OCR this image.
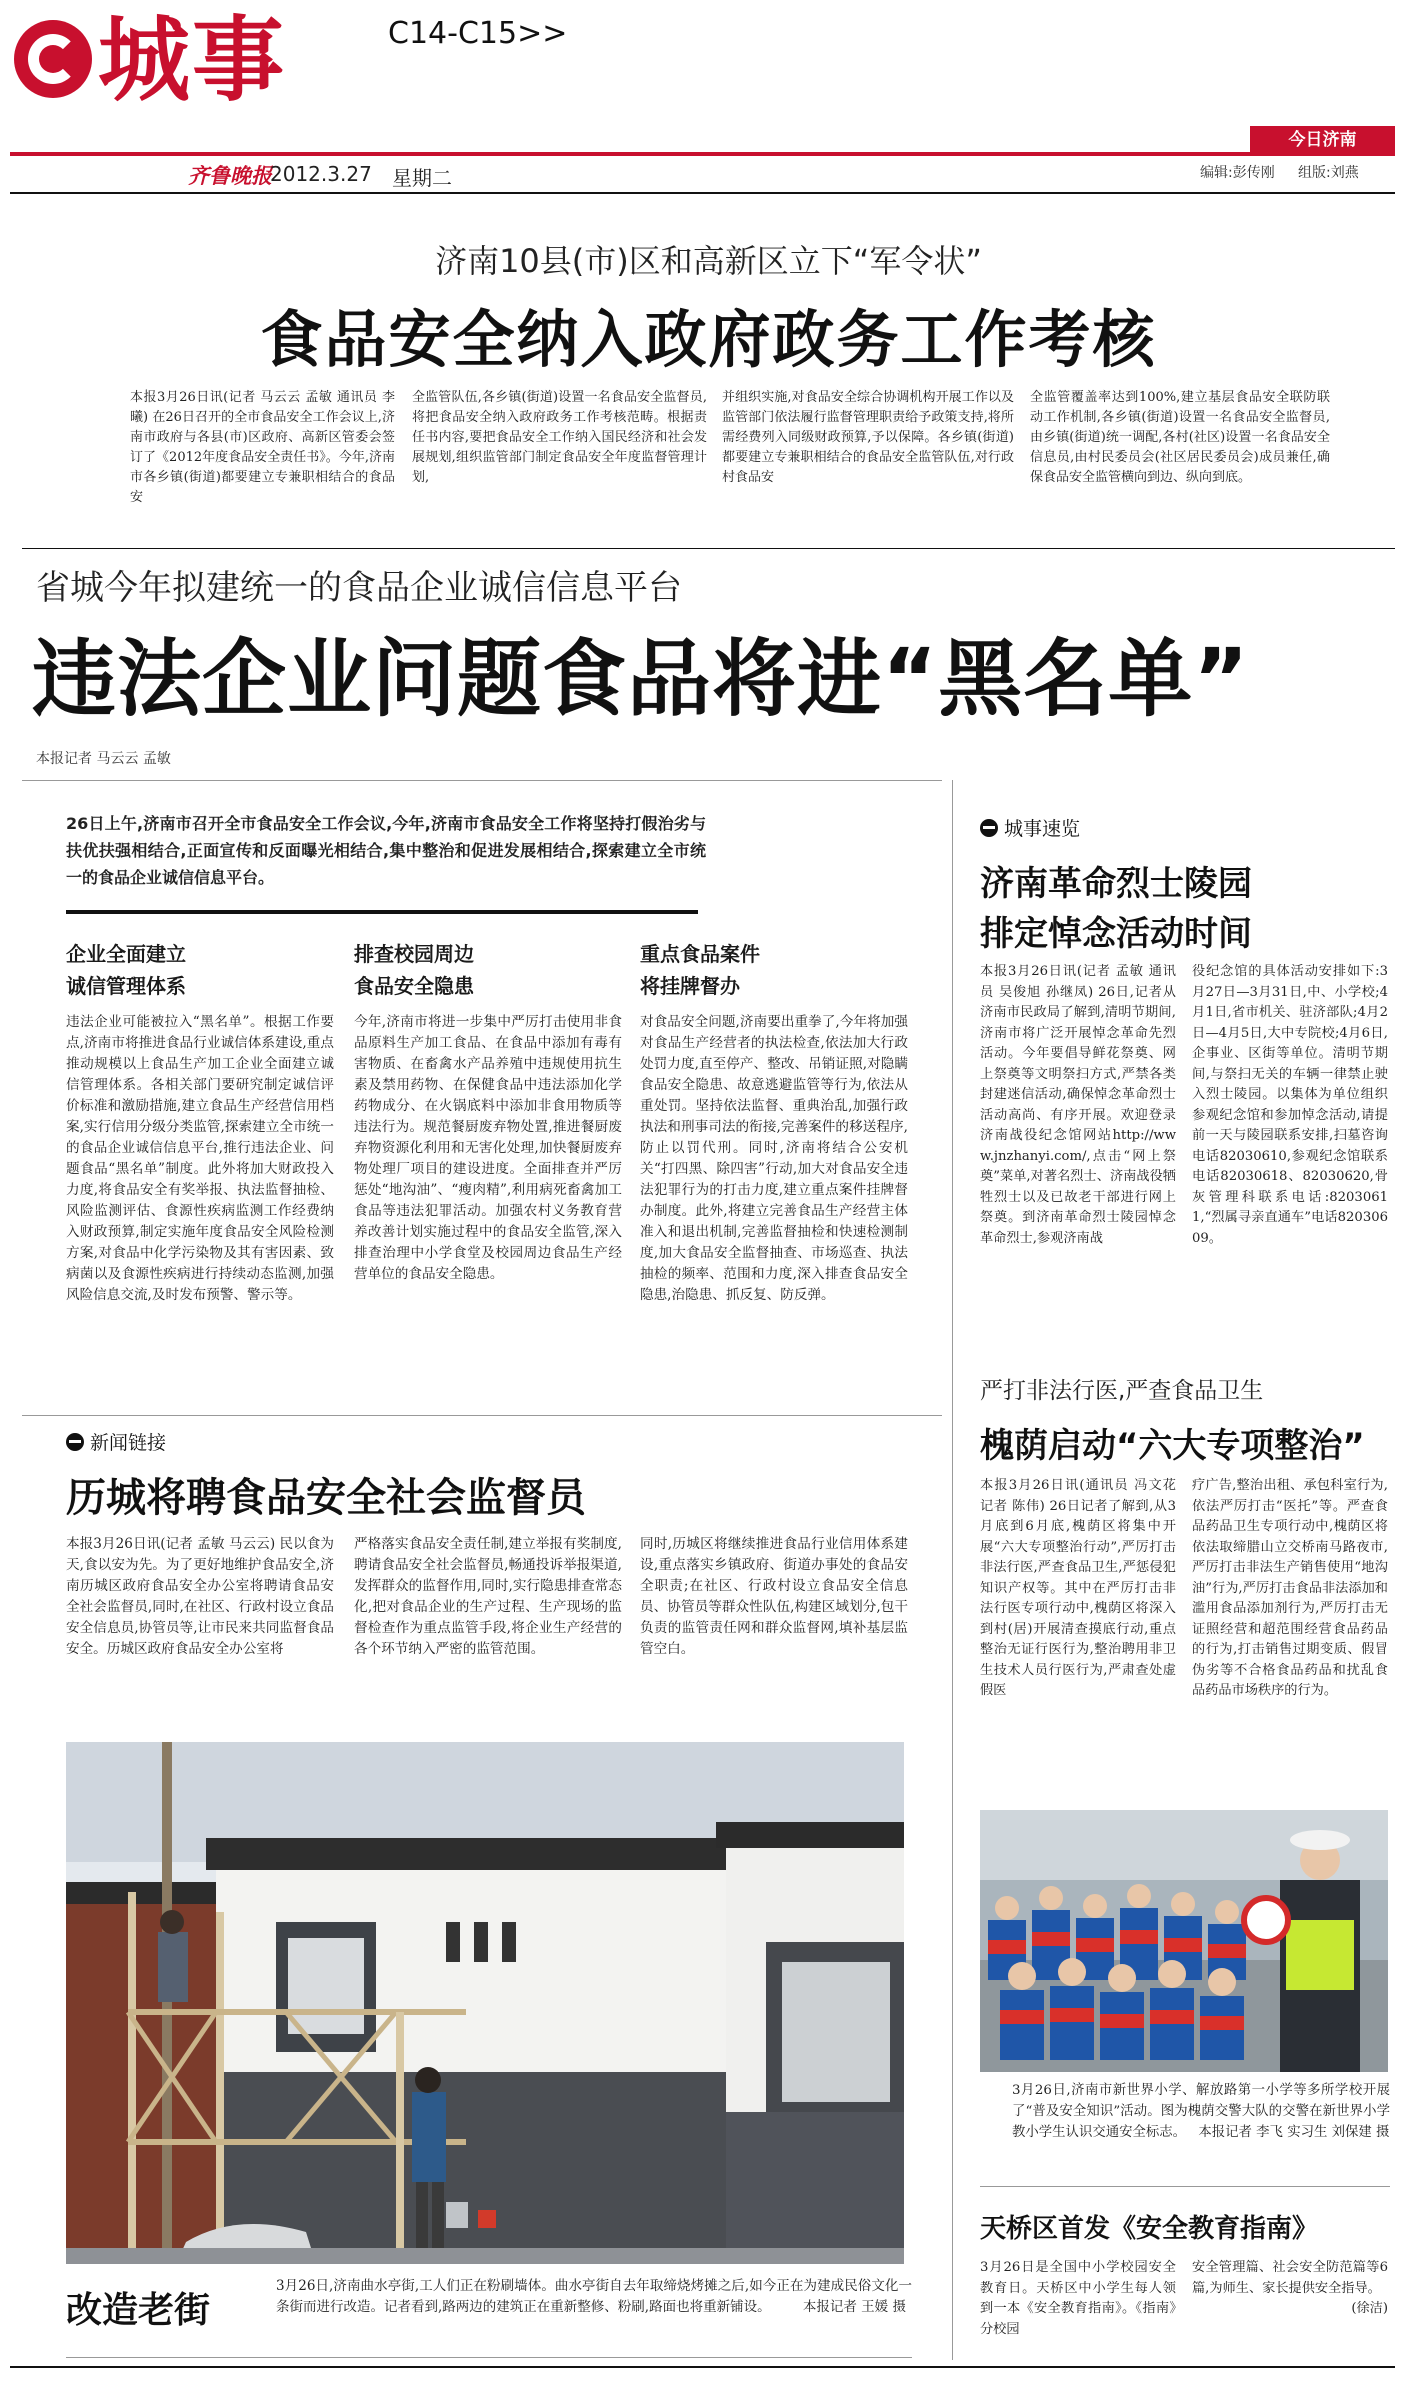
城事	C14-C15>>
齐鲁晚报
2012.3.27 星期二
今日济南
编辑:彭传刚 组版:刘燕
济南10县(市)区和高新区立下“军令状”
食品安全纳入政府政务工作考核
本报3月26日讯(记者 马云云 孟敏 通讯员 李曦) 在26日召开的全市食品安全工作会议上,济南市政府与各县(市)区政府、高新区管委会签订了《2012年度食品安全责任书》。今年,济南市各乡镇(街道)都要建立专兼职相结合的食品安
全监管队伍,各乡镇(街道)设置一名食品安全监督员,将把食品安全纳入政府政务工作考核范畴。根据责任书内容,要把食品安全工作纳入国民经济和社会发展规划,组织监管部门制定食品安全年度监督管理计划,
并组织实施,对食品安全综合协调机构开展工作以及监管部门依法履行监督管理职责给予政策支持,将所需经费列入同级财政预算,予以保障。各乡镇(街道)都要建立专兼职相结合的食品安全监管队伍,对行政村食品安
全监管覆盖率达到100%,建立基层食品安全联防联动工作机制,各乡镇(街道)设置一名食品安全监督员,由乡镇(街道)统一调配,各村(社区)设置一名食品安全信息员,由村民委员会(社区居民委员会)成员兼任,确保食品安全监管横向到边、纵向到底。
省城今年拟建统一的食品企业诚信信息平台
违法企业问题食品将进“黑名单”
本报记者 马云云 孟敏
26日上午,济南市召开全市食品安全工作会议,今年,济南市食品安全工作将坚持打假治劣与扶优扶强相结合,正面宣传和反面曝光相结合,集中整治和促进发展相结合,探索建立全市统一的食品企业诚信信息平台。
企业全面建立
诚信管理体系
违法企业可能被拉入“黑名单”。根据工作要点,济南市将推进食品行业诚信体系建设,重点推动规模以上食品生产加工企业全面建立诚信管理体系。各相关部门要研究制定诚信评价标准和激励措施,建立食品生产经营信用档案,实行信用分级分类监管,探索建立全市统一的食品企业诚信信息平台,推行违法企业、问题食品“黑名单”制度。此外将加大财政投入力度,将食品安全有奖举报、执法监督抽检、风险监测评估、食源性疾病监测工作经费纳入财政预算,制定实施年度食品安全风险检测方案,对食品中化学污染物及其有害因素、致病菌以及食源性疾病进行持续动态监测,加强风险信息交流,及时发布预警、警示等。
排查校园周边
食品安全隐患
今年,济南市将进一步集中严厉打击使用非食品原料生产加工食品、在食品中添加有毒有害物质、在畜禽水产品养殖中违规使用抗生素及禁用药物、在保健食品中违法添加化学药物成分、在火锅底料中添加非食用物质等违法行为。规范餐厨废弃物处置,推进餐厨废弃物资源化利用和无害化处理,加快餐厨废弃物处理厂项目的建设进度。全面排查并严厉惩处“地沟油”、“瘦肉精”,利用病死畜禽加工食品等违法犯罪活动。加强农村义务教育营养改善计划实施过程中的食品安全监管,深入排查治理中小学食堂及校园周边食品生产经营单位的食品安全隐患。
重点食品案件
将挂牌督办
对食品安全问题,济南要出重拳了,今年将加强对食品生产经营者的执法检查,依法加大行政处罚力度,直至停产、整改、吊销证照,对隐瞒食品安全隐患、故意逃避监管等行为,依法从重处罚。坚持依法监督、重典治乱,加强行政执法和刑事司法的衔接,完善案件的移送程序,防止以罚代刑。同时,济南将结合公安机关“打四黑、除四害”行动,加大对食品安全违法犯罪行为的打击力度,建立重点案件挂牌督办制度。此外,将建立完善食品生产经营主体准入和退出机制,完善监督抽检和快速检测制度,加大食品安全监督抽查、市场巡查、执法抽检的频率、范围和力度,深入排查食品安全隐患,治隐患、抓反复、防反弹。
新闻链接
历城将聘食品安全社会监督员
本报3月26日讯(记者 孟敏 马云云) 民以食为天,食以安为先。为了更好地维护食品安全,济南历城区政府食品安全办公室将聘请食品安全社会监督员,同时,在社区、行政村设立食品安全信息员,协管员等,让市民来共同监督食品安全。历城区政府食品安全办公室将
严格落实食品安全责任制,建立举报有奖制度,聘请食品安全社会监督员,畅通投诉举报渠道,发挥群众的监督作用,同时,实行隐患排查常态化,把对食品企业的生产过程、生产现场的监督检查作为重点监管手段,将企业生产经营的各个环节纳入严密的监管范围。
同时,历城区将继续推进食品行业信用体系建设,重点落实乡镇政府、街道办事处的食品安全职责;在社区、行政村设立食品安全信息员、协管员等群众性队伍,构建区域划分,包干负责的监管责任网和群众监督网,填补基层监管空白。
改造老街
3月26日,济南曲水亭街,工人们正在粉刷墙体。曲水亭街自去年取缔烧烤摊之后,如今正在为建成民俗文化一条街而进行改造。记者看到,路两边的建筑正在重新整修、粉刷,路面也将重新铺设。 本报记者 王媛 摄
城事速览
济南革命烈士陵园
排定悼念活动时间
本报3月26日讯(记者 孟敏 通讯员 吴俊旭 孙继凤) 26日,记者从济南市民政局了解到,清明节期间,济南市将广泛开展悼念革命先烈活动。今年要倡导鲜花祭奠、网上祭奠等文明祭扫方式,严禁各类封建迷信活动,确保悼念革命烈士活动高尚、有序开展。欢迎登录济南战役纪念馆网站http://www.jnzhanyi.com/,点击“网上祭奠”菜单,对著名烈士、济南战役牺牲烈士以及已故老干部进行网上祭奠。到济南革命烈士陵园悼念革命烈士,参观济南战
役纪念馆的具体活动安排如下:3月27日—3月31日,中、小学校;4月1日,省市机关、驻济部队;4月2日—4月5日,大中专院校;4月6日,企事业、区街等单位。清明节期间,与祭扫无关的车辆一律禁止驶入烈士陵园。以集体为单位组织参观纪念馆和参加悼念活动,请提前一天与陵园联系安排,扫墓咨询电话82030610,参观纪念馆联系电话82030618、82030620,骨灰管理科联系电话:82030611,“烈属寻亲直通车”电话82030609。
严打非法行医,严查食品卫生
槐荫启动“六大专项整治”
本报3月26日讯(通讯员 冯文花 记者 陈伟) 26日记者了解到,从3月底到6月底,槐荫区将集中开展“六大专项整治行动”,严厉打击非法行医,严查食品卫生,严惩侵犯知识产权等。其中在严厉打击非法行医专项行动中,槐荫区将深入到村(居)开展清查摸底行动,重点整治无证行医行为,整治聘用非卫生技术人员行医行为,严肃查处虚假医
疗广告,整治出租、承包科室行为,依法严厉打击“医托”等。严查食品药品卫生专项行动中,槐荫区将依法取缔腊山立交桥南马路夜市,严厉打击非法生产销售使用“地沟油”行为,严厉打击食品非法添加和滥用食品添加剂行为,严厉打击无证照经营和超范围经营食品药品的行为,打击销售过期变质、假冒伪劣等不合格食品药品和扰乱食品药品市场秩序的行为。
3月26日,济南市新世界小学、解放路第一小学等多所学校开展了“普及安全知识”活动。图为槐荫交警大队的交警在新世界小学教小学生认识交通安全标志。 本报记者 李飞 实习生 刘保建 摄
天桥区首发《安全教育指南》
3月26日是全国中小学校园安全教育日。天桥区中小学生每人领到一本《安全教育指南》。《指南》分校园
安全管理篇、社会安全防范篇等6篇,为师生、家长提供安全指导。
(徐洁)
